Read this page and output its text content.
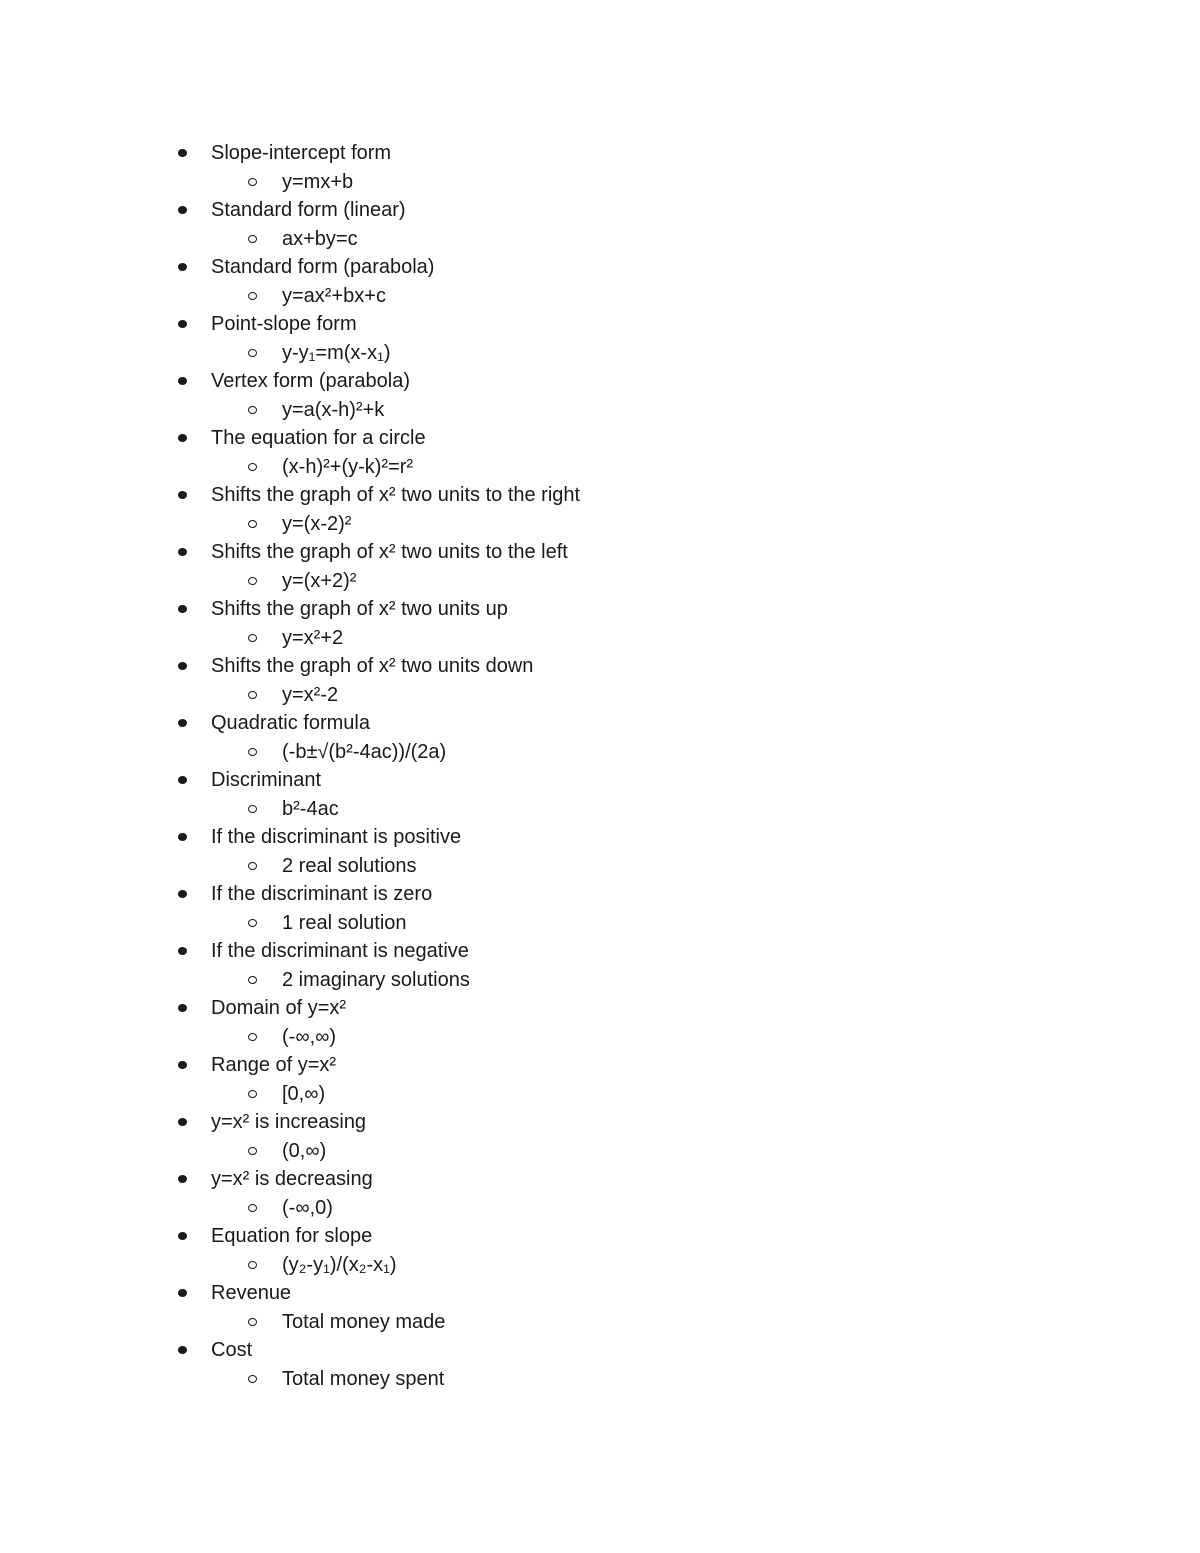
Slope-intercept form
y=mx+b
Standard form (linear)
ax+by=c
Standard form (parabola)
y=ax²+bx+c
Point-slope form
y-y₁=m(x-x₁)
Vertex form (parabola)
y=a(x-h)²+k
The equation for a circle
(x-h)²+(y-k)²=r²
Shifts the graph of x² two units to the right
y=(x-2)²
Shifts the graph of x² two units to the left
y=(x+2)²
Shifts the graph of x² two units up
y=x²+2
Shifts the graph of x² two units down
y=x²-2
Quadratic formula
(-b±√(b²-4ac))/(2a)
Discriminant
b²-4ac
If the discriminant is positive
2 real solutions
If the discriminant is zero
1 real solution
If the discriminant is negative
2 imaginary solutions
Domain of y=x²
(-∞,∞)
Range of y=x²
[0,∞)
y=x² is increasing
(0,∞)
y=x² is decreasing
(-∞,0)
Equation for slope
(y₂-y₁)/(x₂-x₁)
Revenue
Total money made
Cost
Total money spent
